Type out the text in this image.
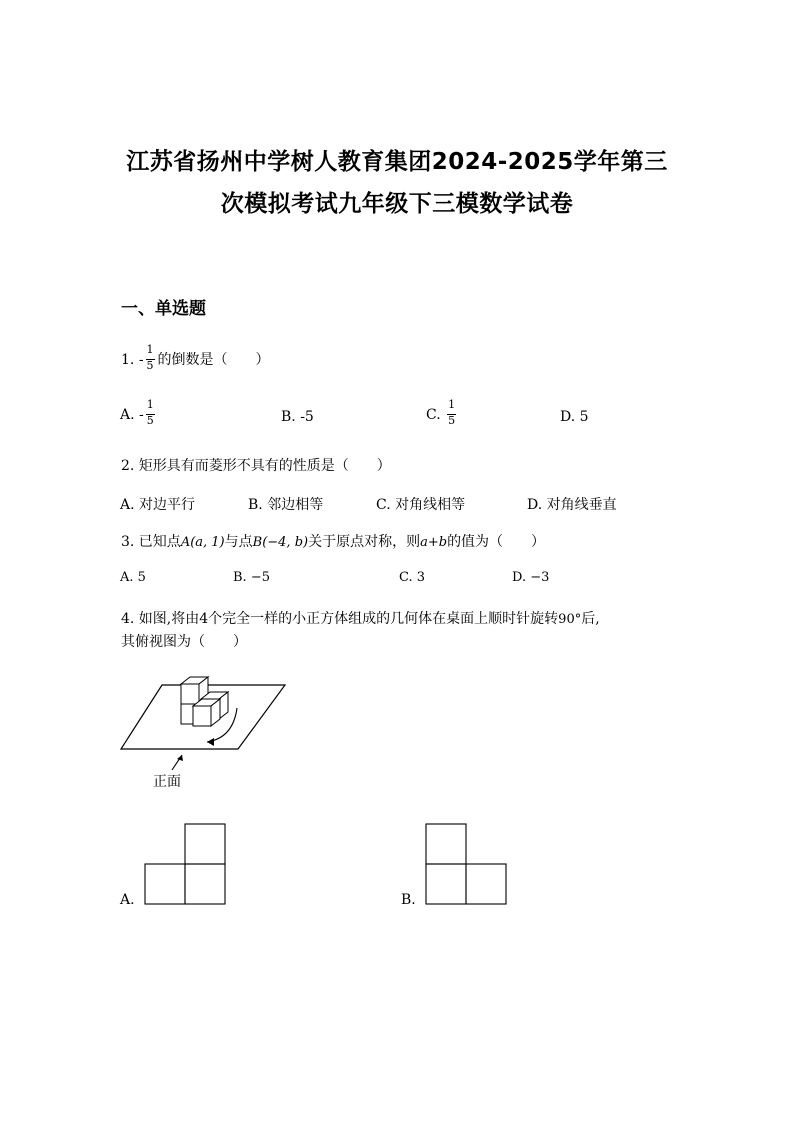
江苏省扬州中学树人教育集团2024-2025学年第三
次模拟考试九年级下三模数学试卷
一、单选题
1. - $\frac{1}{5}$ 的倒数是（　　）
A. - $\frac{1}{5}$	B. -5	C. $\frac{1}{5}$	D. 5
2. 矩形具有而菱形不具有的性质是（　　）
A. 对边平行	B. 邻边相等	C. 对角线相等	D. 对角线垂直
3. 已知点A(a, 1)与点B(−4, b)关于原点对称，则a+b的值为（　　）
A. 5	B. −5	C. 3	D. −3
4. 如图,将由4个完全一样的小正方体组成的几何体在桌面上顺时针旋转90°后,
其俯视图为（　　）
正面
A.	B.
